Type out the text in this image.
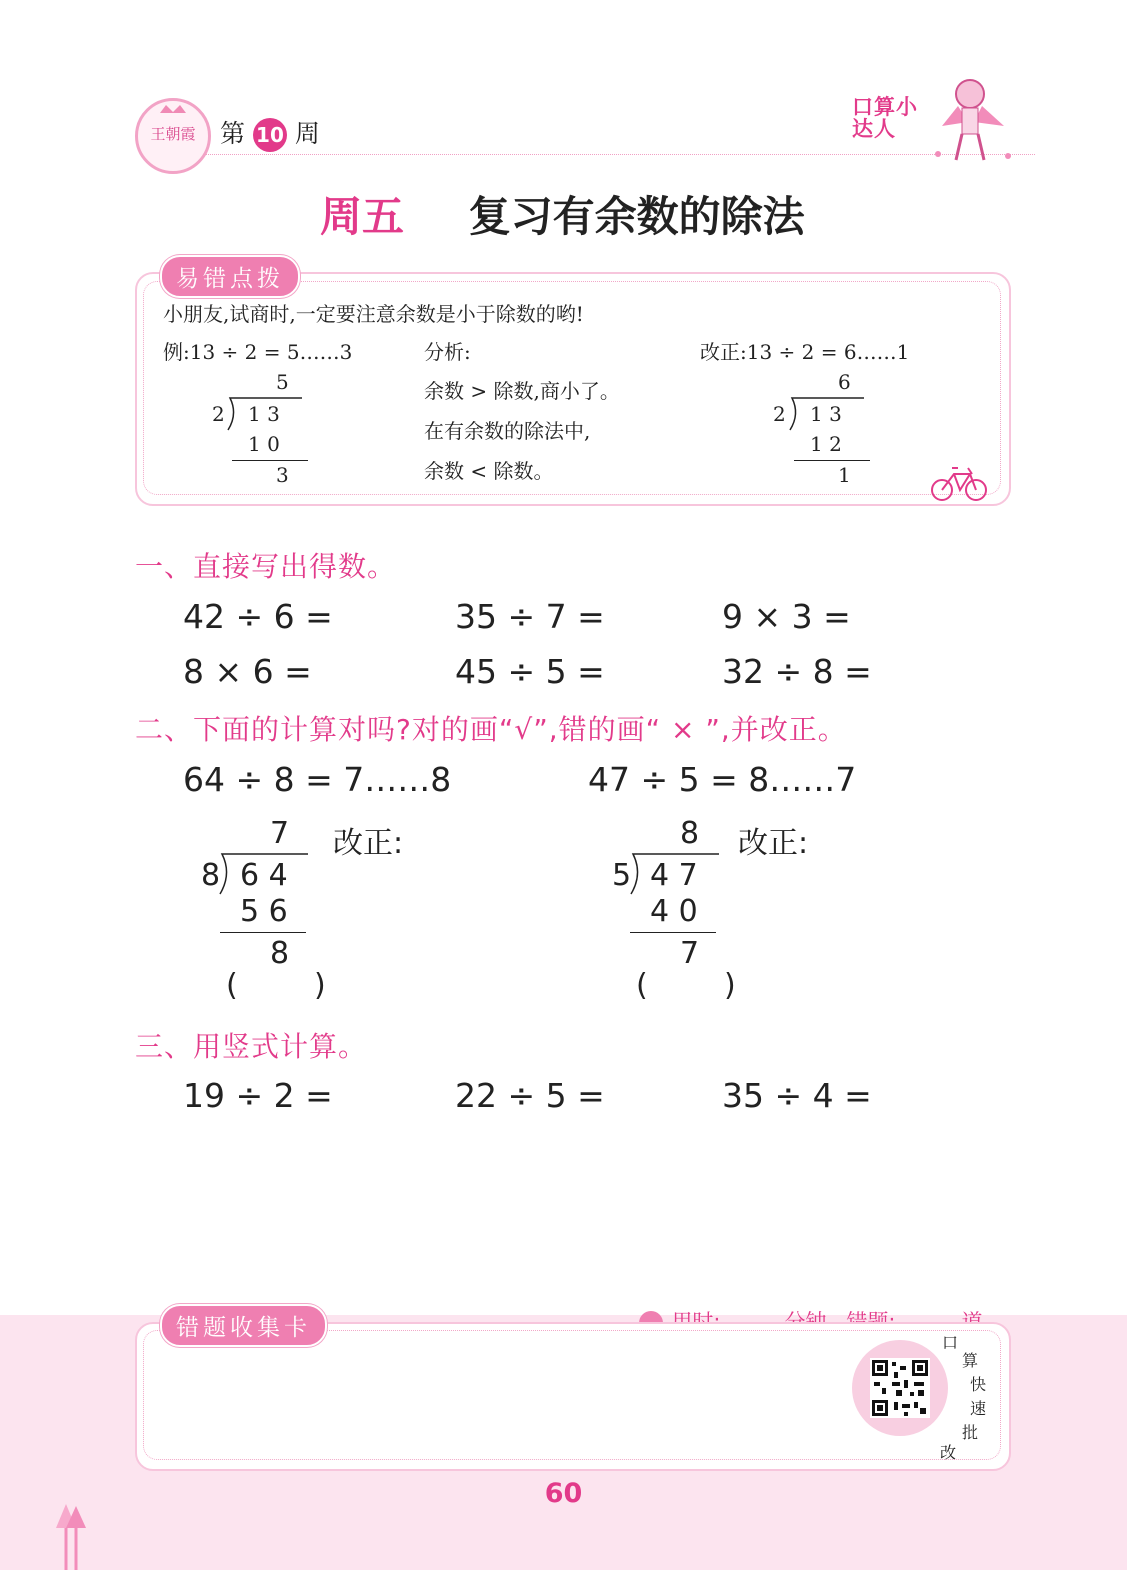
王朝霞 第 10 周
口算小达人
周五 复习有余数的除法
易错点拨
小朋友,试商时,一定要注意余数是小于除数的哟!
例:13 ÷ 2 = 5……3	分析:	改正:13 ÷ 2 = 6……1
余数 > 除数,商小了。
在有余数的除法中,
余数 < 除数。
5
2 1 3
1 0
3
6
2 1 3
1 2
1
一、直接写出得数。
42 ÷ 6 =	35 ÷ 7 =	9 × 3 =
8 × 6 =	45 ÷ 5 =	32 ÷ 8 =
二、下面的计算对吗?对的画“√”,错的画“ × ”,并改正。
64 ÷ 8 = 7……8
7
8 6 4
5 6
8
(        )
改正:
47 ÷ 5 = 8……7
8
5 4 7
4 0
7
(        )
改正:
三、用竖式计算。
19 ÷ 2 =	22 ÷ 5 =	35 ÷ 4 =

错题收集卡
口
算
快
速
批
改
60
